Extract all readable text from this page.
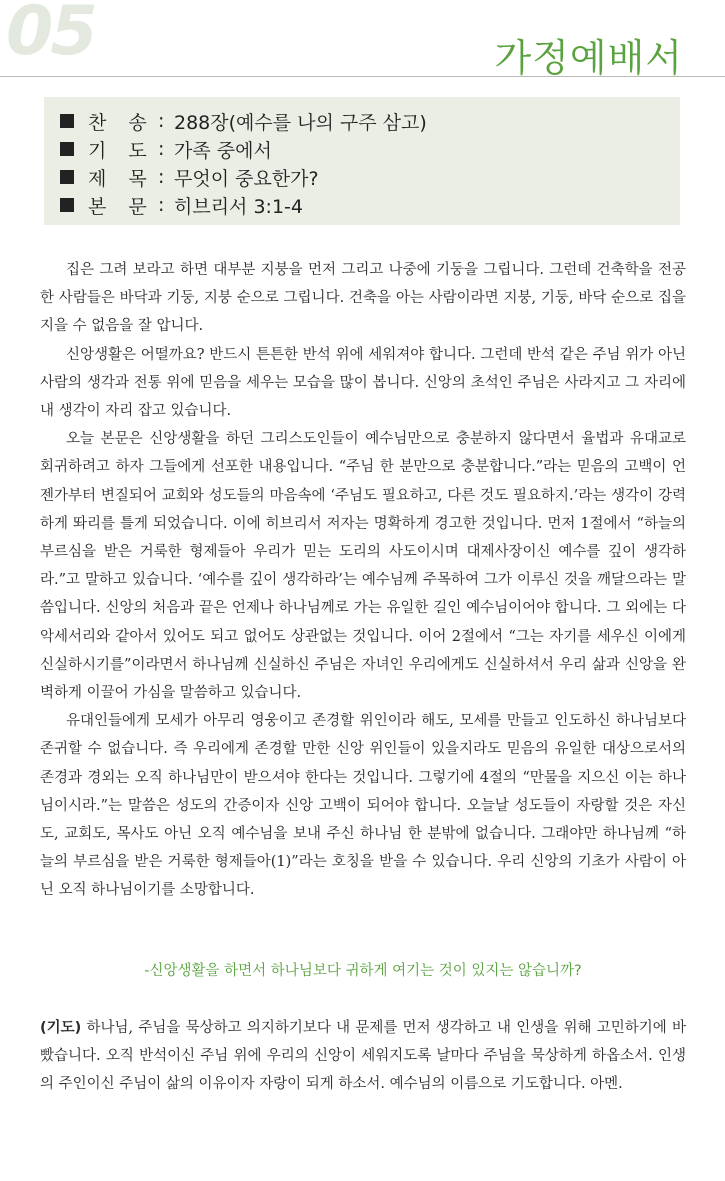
05	가정예배서
찬 송 : 288장(예수를 나의 구주 삼고)
기 도 : 가족 중에서
제 목 : 무엇이 중요한가?
본 문 : 히브리서 3:1-4

집은 그려 보라고 하면 대부분 지붕을 먼저 그리고 나중에 기둥을 그립니다. 그런데 건축학을 전공한 사람들은 바닥과 기둥, 지붕 순으로 그립니다. 건축을 아는 사람이라면 지붕, 기둥, 바닥 순으로 집을 지을 수 없음을 잘 압니다.

신앙생활은 어떨까요? 반드시 튼튼한 반석 위에 세워져야 합니다. 그런데 반석 같은 주님 위가 아닌 사람의 생각과 전통 위에 믿음을 세우는 모습을 많이 봅니다. 신앙의 초석인 주님은 사라지고 그 자리에 내 생각이 자리 잡고 있습니다.

오늘 본문은 신앙생활을 하던 그리스도인들이 예수님만으로 충분하지 않다면서 율법과 유대교로 회귀하려고 하자 그들에게 선포한 내용입니다. “주님 한 분만으로 충분합니다.”라는 믿음의 고백이 언젠가부터 변질되어 교회와 성도들의 마음속에 ‘주님도 필요하고, 다른 것도 필요하지.’라는 생각이 강력하게 똬리를 틀게 되었습니다. 이에 히브리서 저자는 명확하게 경고한 것입니다. 먼저 1절에서 “하늘의 부르심을 받은 거룩한 형제들아 우리가 믿는 도리의 사도이시며 대제사장이신 예수를 깊이 생각하라.”고 말하고 있습니다. ‘예수를 깊이 생각하라’는 예수님께 주목하여 그가 이루신 것을 깨달으라는 말씀입니다. 신앙의 처음과 끝은 언제나 하나님께로 가는 유일한 길인 예수님이어야 합니다. 그 외에는 다 악세서리와 같아서 있어도 되고 없어도 상관없는 것입니다. 이어 2절에서 “그는 자기를 세우신 이에게 신실하시기를”이라면서 하나님께 신실하신 주님은 자녀인 우리에게도 신실하셔서 우리 삶과 신앙을 완벽하게 이끌어 가심을 말씀하고 있습니다.

유대인들에게 모세가 아무리 영웅이고 존경할 위인이라 해도, 모세를 만들고 인도하신 하나님보다 존귀할 수 없습니다. 즉 우리에게 존경할 만한 신앙 위인들이 있을지라도 믿음의 유일한 대상으로서의 존경과 경외는 오직 하나님만이 받으셔야 한다는 것입니다. 그렇기에 4절의 “만물을 지으신 이는 하나님이시라.”는 말씀은 성도의 간증이자 신앙 고백이 되어야 합니다. 오늘날 성도들이 자랑할 것은 자신도, 교회도, 목사도 아닌 오직 예수님을 보내 주신 하나님 한 분밖에 없습니다. 그래야만 하나님께 “하늘의 부르심을 받은 거룩한 형제들아(1)”라는 호칭을 받을 수 있습니다. 우리 신앙의 기초가 사람이 아닌 오직 하나님이기를 소망합니다.

-신앙생활을 하면서 하나님보다 귀하게 여기는 것이 있지는 않습니까?

(기도) 하나님, 주님을 묵상하고 의지하기보다 내 문제를 먼저 생각하고 내 인생을 위해 고민하기에 바빴습니다. 오직 반석이신 주님 위에 우리의 신앙이 세워지도록 날마다 주님을 묵상하게 하옵소서. 인생의 주인이신 주님이 삶의 이유이자 자랑이 되게 하소서. 예수님의 이름으로 기도합니다. 아멘.
